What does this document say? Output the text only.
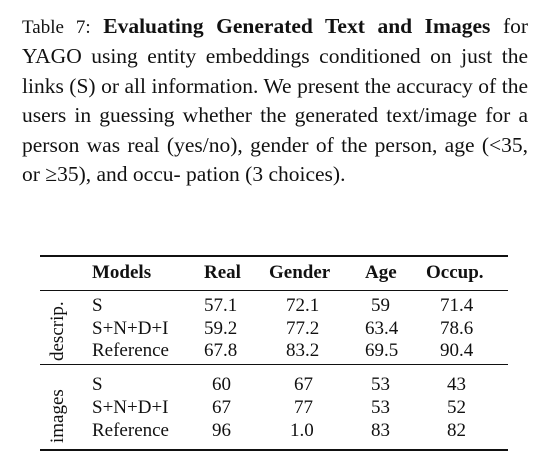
Table 7: Evaluating Generated Text and Images for YAGO using entity embeddings conditioned on just the links (S) or all information. We present the accuracy of the users in guessing whether the generated text/image for a person was real (yes/no), gender of the person, age (<35, or ≥35), and occu- pation (3 choices).
Models	Real Gender Age Occup.
descrip. S	57.1	72.1	59	71.4
S+N+D+I 59.2	77.2 63.4 78.6
Reference 67.8	83.2 69.5 90.4
images
S	60	67	53	43
S+N+D+I 67	77	53	52
Reference 96	1.0	83	82
